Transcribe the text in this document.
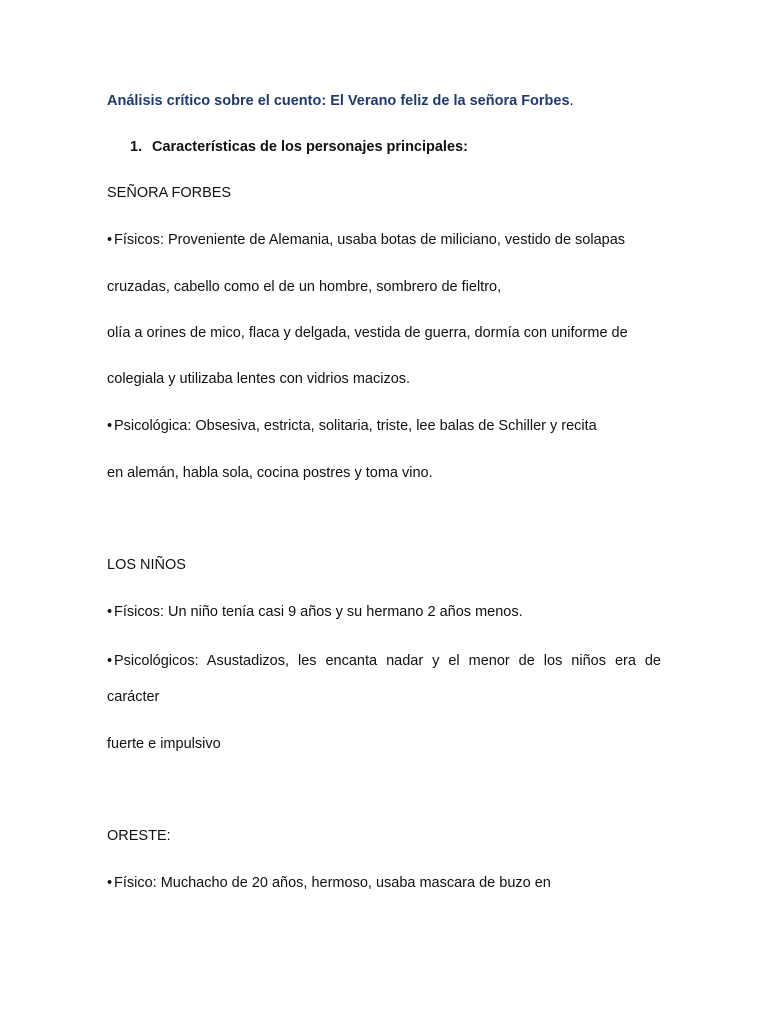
Análisis crítico sobre el cuento: El Verano feliz de la señora Forbes.
1. Características de los personajes principales:
SEÑORA FORBES
• Físicos: Proveniente de Alemania, usaba botas de miliciano, vestido de solapas
cruzadas, cabello como el de un hombre, sombrero de fieltro,
olía a orines de mico, flaca y delgada, vestida de guerra, dormía con uniforme de
colegiala y utilizaba lentes con vidrios macizos.
• Psicológica: Obsesiva, estricta, solitaria, triste, lee balas de Schiller y recita
en alemán, habla sola, cocina postres y toma vino.
LOS NIÑOS
• Físicos: Un niño tenía casi 9 años y su hermano 2 años menos.
• Psicológicos: Asustadizos, les encanta nadar y el menor de los niños era de
carácter
fuerte e impulsivo
ORESTE:
• Físico: Muchacho de 20 años, hermoso, usaba mascara de buzo en
